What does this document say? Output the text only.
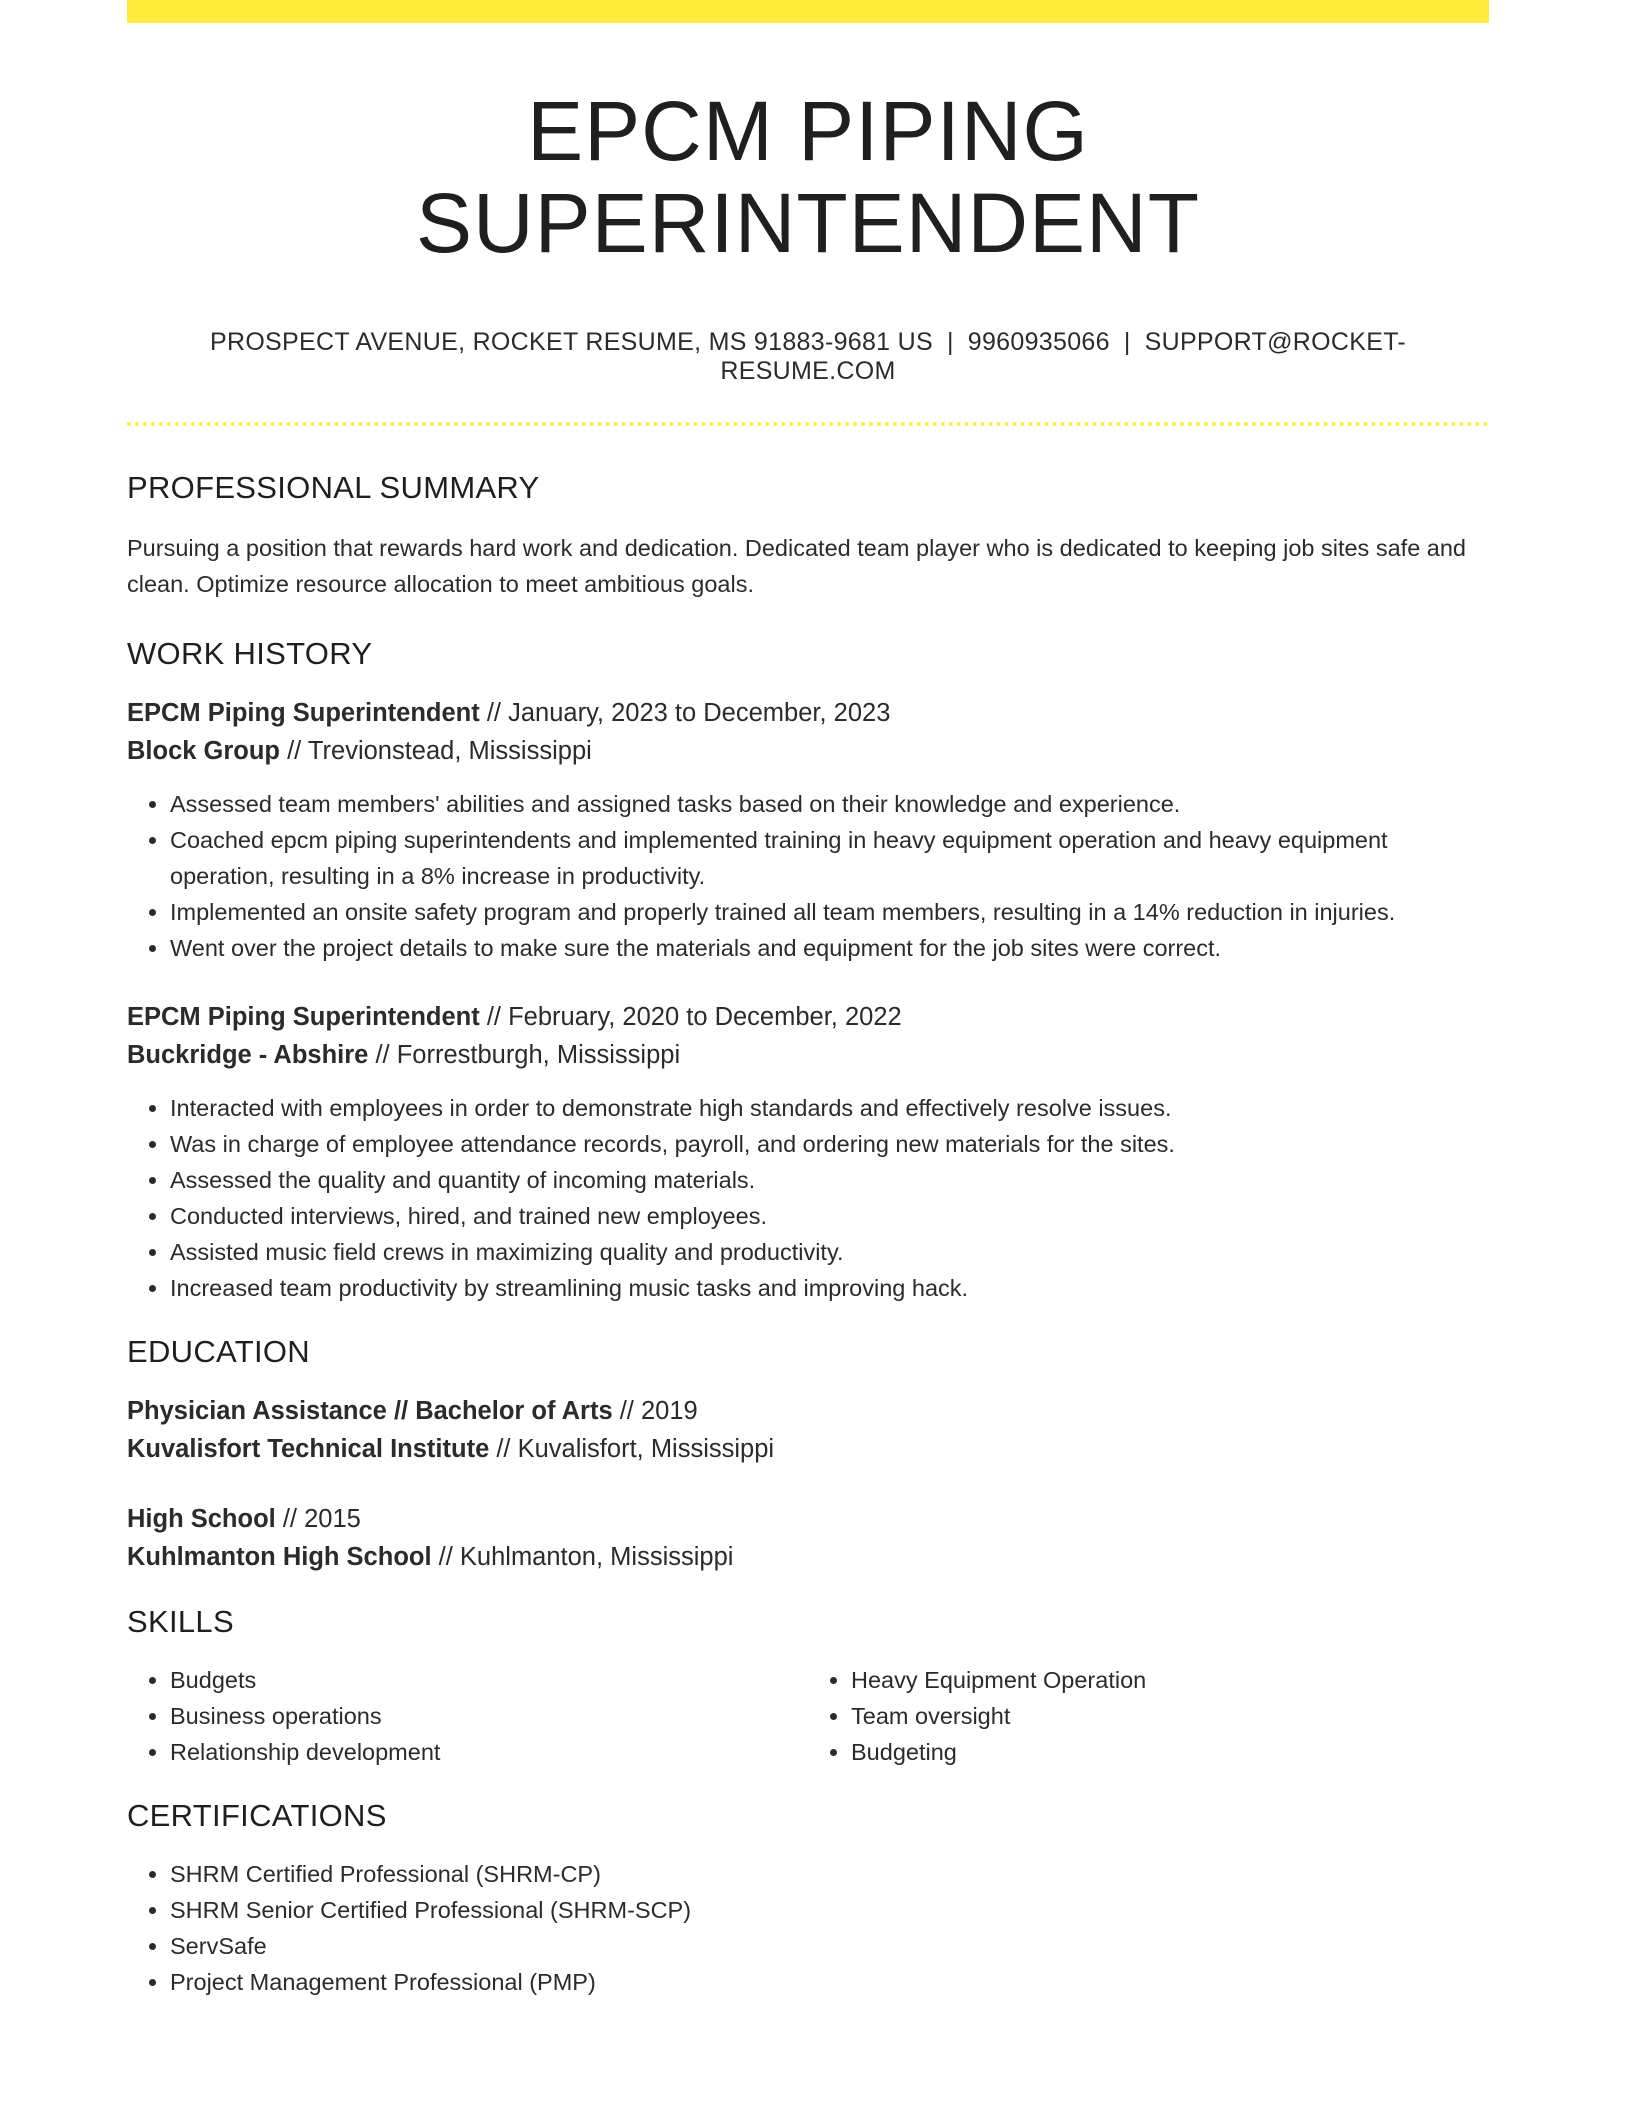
EPCM PIPING SUPERINTENDENT
PROSPECT AVENUE, ROCKET RESUME, MS 91883-9681 US | 9960935066 | SUPPORT@ROCKET-RESUME.COM
PROFESSIONAL SUMMARY
Pursuing a position that rewards hard work and dedication. Dedicated team player who is dedicated to keeping job sites safe and clean. Optimize resource allocation to meet ambitious goals.
WORK HISTORY
EPCM Piping Superintendent // January, 2023 to December, 2023
Block Group // Trevionstead, Mississippi
• Assessed team members' abilities and assigned tasks based on their knowledge and experience.
• Coached epcm piping superintendents and implemented training in heavy equipment operation and heavy equipment operation, resulting in a 8% increase in productivity.
• Implemented an onsite safety program and properly trained all team members, resulting in a 14% reduction in injuries.
• Went over the project details to make sure the materials and equipment for the job sites were correct.
EPCM Piping Superintendent // February, 2020 to December, 2022
Buckridge - Abshire // Forrestburgh, Mississippi
• Interacted with employees in order to demonstrate high standards and effectively resolve issues.
• Was in charge of employee attendance records, payroll, and ordering new materials for the sites.
• Assessed the quality and quantity of incoming materials.
• Conducted interviews, hired, and trained new employees.
• Assisted music field crews in maximizing quality and productivity.
• Increased team productivity by streamlining music tasks and improving hack.
EDUCATION
Physician Assistance // Bachelor of Arts // 2019
Kuvalisfort Technical Institute // Kuvalisfort, Mississippi
High School // 2015
Kuhlmanton High School // Kuhlmanton, Mississippi
SKILLS
• Budgets
• Business operations
• Relationship development
• Heavy Equipment Operation
• Team oversight
• Budgeting
CERTIFICATIONS
• SHRM Certified Professional (SHRM-CP)
• SHRM Senior Certified Professional (SHRM-SCP)
• ServSafe
• Project Management Professional (PMP)
